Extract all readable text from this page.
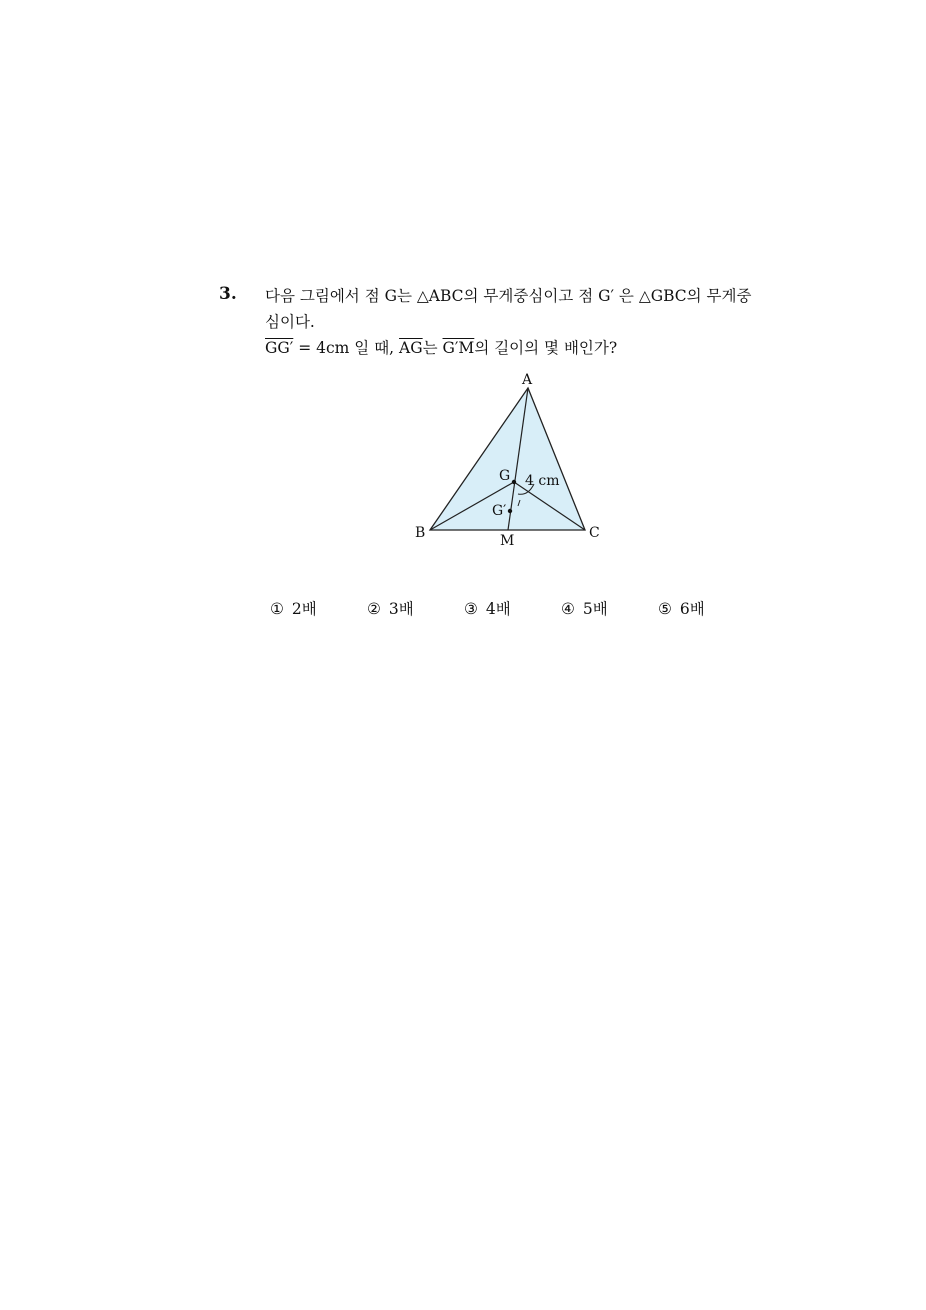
3. 다음 그림에서 점 G는 △ABC의 무게중심이고 점 G′ 은 △GBC의 무게중
심이다.
GG′ = 4cm 일 때, $\overline{AG}$는 G′M의 길이의 몇 배인가?
A
B	C
G
G′
M
4 cm
① 2배	② 3배	③ 4배	④ 5배	⑤ 6배
